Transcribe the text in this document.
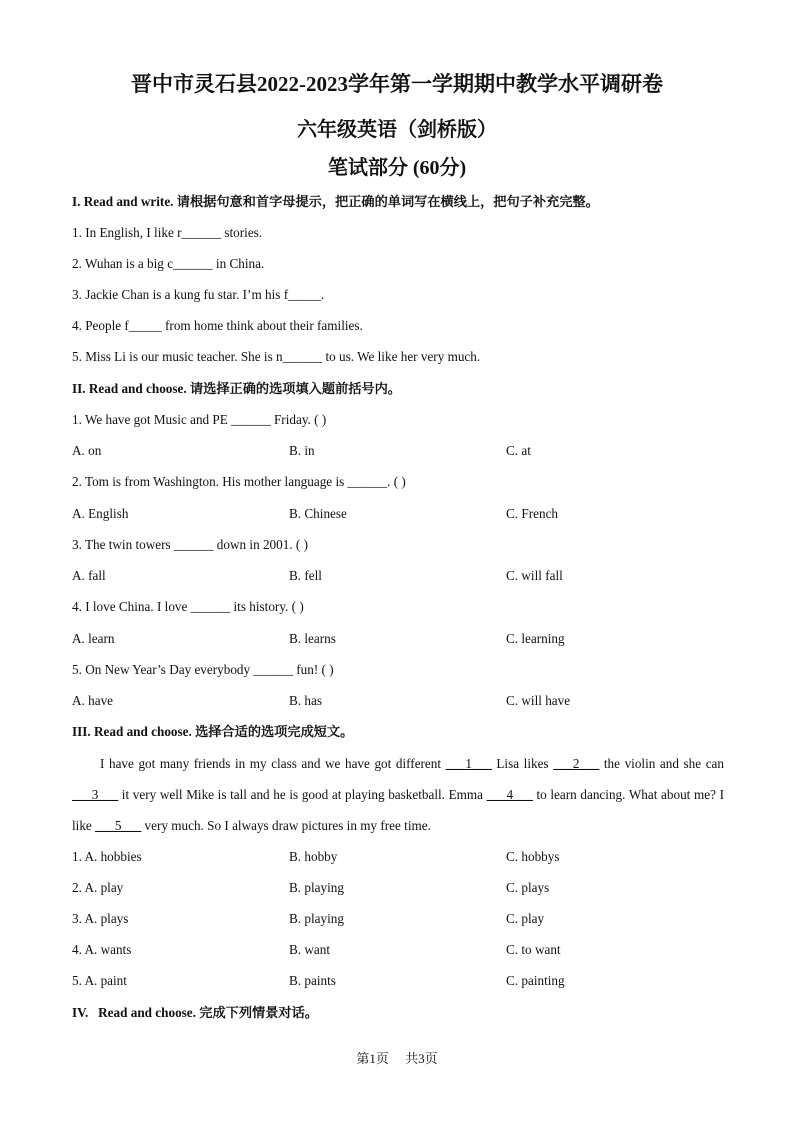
晋中市灵石县2022-2023学年第一学期期中教学水平调研卷
六年级英语（剑桥版）
笔试部分 (60分)
I. Read and write. 请根据句意和首字母提示，把正确的单词写在横线上，把句子补充完整。
1. In English, I like r______ stories.
2. Wuhan is a big c______ in China.
3. Jackie Chan is a kung fu star. I’m his f_____.
4. People f_____ from home think about their families.
5. Miss Li is our music teacher. She is n______ to us. We like her very much.
II. Read and choose. 请选择正确的选项填入题前括号内。
1. We have got Music and PE ______ Friday. ( )
A. on	B. in	C. at
2. Tom is from Washington. His mother language is ______. ( )
A. English	B. Chinese	C. French
3. The twin towers ______ down in 2001. ( )
A. fall	B. fell	C. will fall
4. I love China. I love ______ its history. ( )
A. learn	B. learns	C. learning
5. On New Year’s Day everybody ______ fun! ( )
A. have	B. has	C. will have
III. Read and choose. 选择合适的选项完成短文。
I have got many friends in my class and we have got different ___1___ Lisa likes ___2___ the violin and she can ___3___ it very well Mike is tall and he is good at playing basketball. Emma ___4___ to learn dancing. What about me? I like ___5___ very much. So I always draw pictures in my free time.
1. A. hobbies	B. hobby	C. hobbys
2. A. play	B. playing	C. plays
3. A. plays	B. playing	C. play
4. A. wants	B. want	C. to want
5. A. paint	B. paints	C. painting
IV.   Read and choose. 完成下列情景对话。
第1页     共3页
